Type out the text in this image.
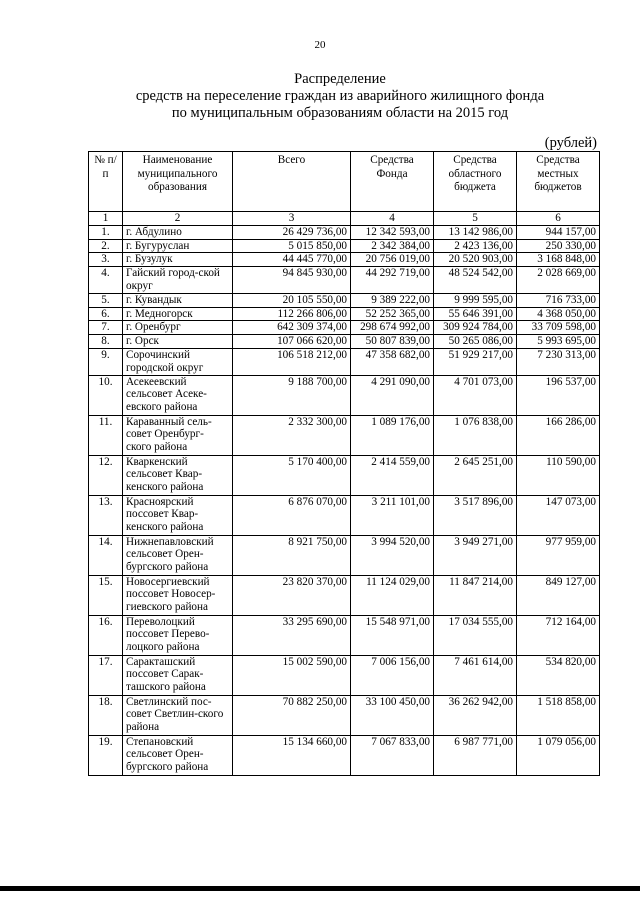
20
Распределение
средств на переселение граждан из аварийного жилищного фонда
по муниципальным образованиям области на 2015 год
(рублей)
№ п/п	Наименование муниципального образования	Всего	Средства Фонда	Средства областного бюджета	Средства местных бюджетов
1	2	3	4	5	6
1.	г. Абдулино	26 429 736,00	12 342 593,00	13 142 986,00	944 157,00
2.	г. Бугуруслан	5 015 850,00	2 342 384,00	2 423 136,00	250 330,00
3.	г. Бузулук	44 445 770,00	20 756 019,00	20 520 903,00	3 168 848,00
4.	Гайский город-ской округ	94 845 930,00	44 292 719,00	48 524 542,00	2 028 669,00
5.	г. Кувандык	20 105 550,00	9 389 222,00	9 999 595,00	716 733,00
6.	г. Медногорск	112 266 806,00	52 252 365,00	55 646 391,00	4 368 050,00
7.	г. Оренбург	642 309 374,00	298 674 992,00	309 924 784,00	33 709 598,00
8.	г. Орск	107 066 620,00	50 807 839,00	50 265 086,00	5 993 695,00
9.	Сорочинский городской округ	106 518 212,00	47 358 682,00	51 929 217,00	7 230 313,00
10.	Асекеевский сельсовет Асеке-евского района	9 188 700,00	4 291 090,00	4 701 073,00	196 537,00
11.	Караванный сель-совет Оренбург-ского района	2 332 300,00	1 089 176,00	1 076 838,00	166 286,00
12.	Кваркенский сельсовет Квар-кенского района	5 170 400,00	2 414 559,00	2 645 251,00	110 590,00
13.	Красноярский поссовет Квар-кенского района	6 876 070,00	3 211 101,00	3 517 896,00	147 073,00
14.	Нижнепавловский сельсовет Орен-бургского района	8 921 750,00	3 994 520,00	3 949 271,00	977 959,00
15.	Новосергиевский поссовет Новосер-гиевского района	23 820 370,00	11 124 029,00	11 847 214,00	849 127,00
16.	Переволоцкий поссовет Перево-лоцкого района	33 295 690,00	15 548 971,00	17 034 555,00	712 164,00
17.	Саракташский поссовет Сарак-ташского района	15 002 590,00	7 006 156,00	7 461 614,00	534 820,00
18.	Светлинский пос-совет Светлин-ского района	70 882 250,00	33 100 450,00	36 262 942,00	1 518 858,00
19.	Степановский сельсовет Орен-бургского района	15 134 660,00	7 067 833,00	6 987 771,00	1 079 056,00
